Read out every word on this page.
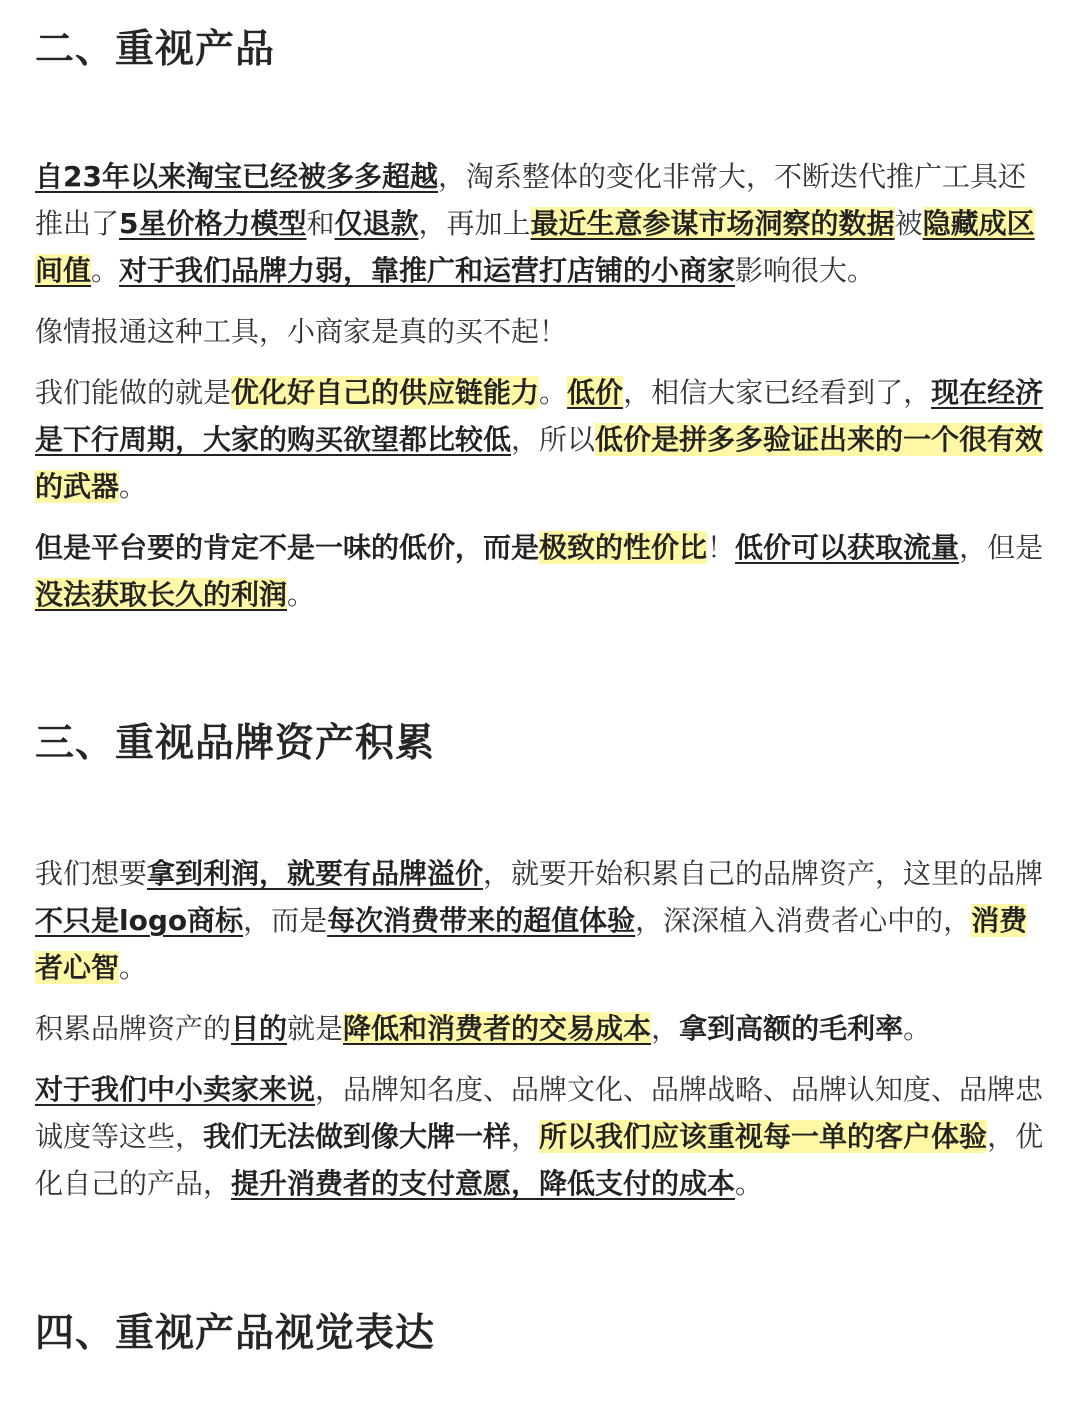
二、重视产品

自23年以来淘宝已经被多多超越，淘系整体的变化非常大，不断迭代推广工具还推出了5星价格力模型和仅退款，再加上最近生意参谋市场洞察的数据被隐藏成区间值。对于我们品牌力弱，靠推广和运营打店铺的小商家影响很大。

像情报通这种工具，小商家是真的买不起！

我们能做的就是优化好自己的供应链能力。低价，相信大家已经看到了，现在经济是下行周期，大家的购买欲望都比较低，所以低价是拼多多验证出来的一个很有效的武器。

但是平台要的肯定不是一味的低价，而是极致的性价比！低价可以获取流量，但是没法获取长久的利润。

三、重视品牌资产积累

我们想要拿到利润，就要有品牌溢价，就要开始积累自己的品牌资产，这里的品牌不只是logo商标，而是每次消费带来的超值体验，深深植入消费者心中的，消费者心智。

积累品牌资产的目的就是降低和消费者的交易成本，拿到高额的毛利率。

对于我们中小卖家来说，品牌知名度、品牌文化、品牌战略、品牌认知度、品牌忠诚度等这些，我们无法做到像大牌一样，所以我们应该重视每一单的客户体验，优化自己的产品，提升消费者的支付意愿，降低支付的成本。

四、重视产品视觉表达
